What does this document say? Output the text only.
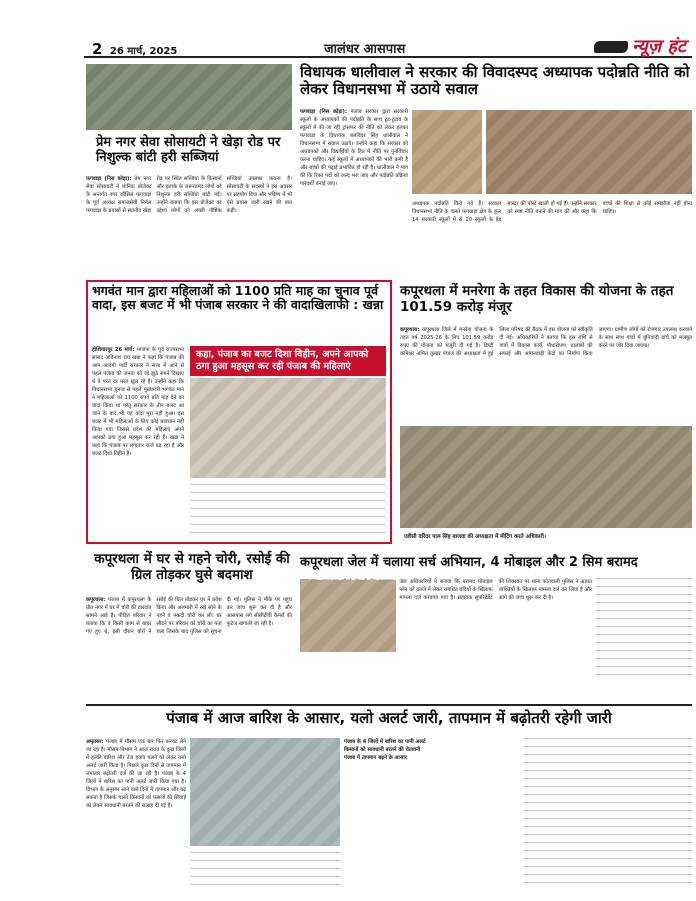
2 26 मार्च, 2025	जालंधर आसपास	न्यूज़ हंट
प्रेम नगर सेवा सोसायटी ने खेड़ा रोड पर निशुल्क बांटी हरी सब्जियां
फगवाड़ा (निस कोड़ा): प्रेम नगर सेवा सोसायटी ने मानिक प्रोजेक्ट के अन्तर्गत नगर कौंसिल फगवाड़ा के पूर्व अध्यक्ष समाजसेवी निर्मल फगवाड़ा के प्रयासों से स्थानीय खेड़ा रोड पर स्थित सब्जियां के किसानों और इलाके के जरूरतमंद लोगों को निशुल्क हरी सब्जियां बांटी गईं। उन्होंने बताया कि इस प्रोजेक्ट का उद्देश्य लोगों को अच्छी पौष्टिक सब्जियां उपलब्ध कराना है। सोसायटी के सदस्यों ने इस अवसर पर सहयोग दिया और भविष्य में भी ऐसे प्रयास जारी रखने की बात कही।
विधायक धालीवाल ने सरकार की विवादस्पद अध्यापक पदोन्नति नीति को लेकर विधानसभा में उठाये सवाल
फगवाड़ा (निस कोड़ा): पंजाब सरकार द्वारा सरकारी स्कूलों के अध्यापकों की पदोन्नति के साथ टूट-टूटाव के स्कूलों में की जा रही ट्रांसफर की नीति को लेकर हलका फगवाड़ा के विधायक बलविंदर सिंह धालीवाल ने विधानसभा में सवाल उठाये। उन्होंने कहा कि सरकार को अध्यापकों और विद्यार्थियों के हित में नीति पर पुनर्विचार करना चाहिए। कई स्कूलों में अध्यापकों की भारी कमी है और बच्चों की पढ़ाई प्रभावित हो रही है। धालीवाल ने मांग की कि रिक्त पदों को जल्द भरा जाए और पदोन्नति प्रक्रिया पारदर्शी बनाई जाए।
अध्यापक पदोन्नति किये गये हैं। सरकार विधानसभा नीति के चलते फगवाड़ा क्षेत्र के कुल 14 सरकारी स्कूलों में से 10 स्कूलों के हेड मास्टर की पोस्टें खाली हो गई हैं। उन्होंने सरकार को स्पष्ट नीति बनाने की मांग की और कहा कि बच्चों की शिक्षा से कोई समझौता नहीं होना चाहिए।
भगवंत मान द्वारा महिलाओं को 1100 प्रति माह का चुनाव पूर्व वादा, इस बजट में भी पंजाब सरकार ने की वादाखिलाफी : खन्ना
होशियारपुर 26 मार्च: भाजपा के पूर्व राज्यसभा सांसद अविनाश राय खन्ना ने कहा कि पंजाब की आम आदमी पार्टी सरकार ने सत्ता में आने से पहले पंजाब की जनता को जो झूठे सपने दिखाए थे वे परत दर परत खुल रहे हैं। उन्होंने कहा कि विधानसभा चुनाव से पहले मुख्यमंत्री भगवंत मान ने महिलाओं को 1100 रुपये प्रति माह देने का वादा किया था परंतु सरकार के तीन बजट आ जाने के बाद भी यह वादा पूरा नहीं हुआ। इस बजट में भी महिलाओं के लिए कोई प्रावधान नहीं किया गया जिससे प्रदेश की महिलाएं अपने आपको ठगा हुआ महसूस कर रही हैं। खन्ना ने कहा कि पंजाब पर लगातार कर्ज बढ़ रहा है और बजट दिशा विहीन है।
कहा, पंजाब का बजट दिशा विहीन, अपने आपको ठगा हुआ महसूस कर रही पंजाब की महिलाएं
कपूरथला में मनरेगा के तहत विकास की योजना के तहत 101.59 करोड़ मंजूर
कपूरथला: कपूरथला जिले में मनरेगा योजना के तहत वर्ष 2025-26 के लिए 101.59 करोड़ रुपए की योजना को मंजूरी दी गई है। डिप्टी कमिश्नर अमित कुमार पंचाल की अध्यक्षता में हुई जिला परिषद की बैठक में इस योजना को स्वीकृति दी गई। अधिकारियों ने बताया कि इस राशि से गांवों में विकास कार्य, पौधारोपण, तालाबों की सफाई और आंगनवाड़ी केंद्रों का निर्माण किया जाएगा। ग्रामीण लोगों को रोजगार उपलब्ध करवाने के साथ साथ गांवों में बुनियादी ढांचे को मजबूत करने पर जोर दिया जाएगा।
एडीसी वरिंदर पाल सिंह बाजवा की अध्यक्षता में मीटिंग करते अधिकारी।
कपूरथला में घर से गहने चोरी, रसोई की ग्रिल तोड़कर घुसे बदमाश
कपूरथला: पंजाब में कपूरथला के प्रीत नगर में घर में चोरी की वारदात सामने आई है। पीड़ित परिवार ने बताया कि वे किसी काम से बाहर गए हुए थे, इसी दौरान चोरों ने रसोई की ग्रिल तोड़कर घर में प्रवेश किया और अलमारी में रखे सोने के गहने व नकदी चोरी कर ली। घर लौटने पर परिवार को चोरी का पता चला जिसके बाद पुलिस को सूचना दी गई। पुलिस ने मौके पर पहुंच कर जांच शुरू कर दी है और आसपास लगे सीसीटीवी कैमरों की फुटेज खंगाली जा रही है।
कपूरथला जेल में चलाया सर्च अभियान, 4 मोबाइल और 2 सिम बरामद
जेल अधिकारियों ने बताया कि बरामद मोबाइल फोन को कब्जे में लेकर संबंधित बंदियों के खिलाफ मामला दर्ज करवाया गया है। सहायक सुपरिटेंडेंट की शिकायत पर थाना कोतवाली पुलिस ने अज्ञात व्यक्तियों के खिलाफ मामला दर्ज कर लिया है और आगे की जांच शुरू कर दी है।
पंजाब में आज बारिश के आसार, यलो अलर्ट जारी, तापमान में बढ़ोतरी रहेगी जारी
अमृतसर: पंजाब में मौसम एक बार फिर करवट लेने जा रहा है। मौसम विभाग ने आज राज्य के कुछ जिलों में हल्की बारिश और तेज हवाएं चलने को लेकर यलो अलर्ट जारी किया है। पिछले कुछ दिनों से तापमान में लगातार बढ़ोतरी दर्ज की जा रही है। पंजाब के 4 जिलों में बारिश का पानी अलर्ट जारी किया गया है। विभाग के अनुसार आने वाले दिनों में तापमान और बढ़ सकता है जिसके चलते किसानों को फसलों की सिंचाई को लेकर सावधानी बरतने की सलाह दी गई है।
पंजाब के 4 जिलों में बारिश का पानी अलर्ट
किसानों को सावधानी बरतने की चेतावनी
पंजाब में तापमान बढ़ने के आसार
